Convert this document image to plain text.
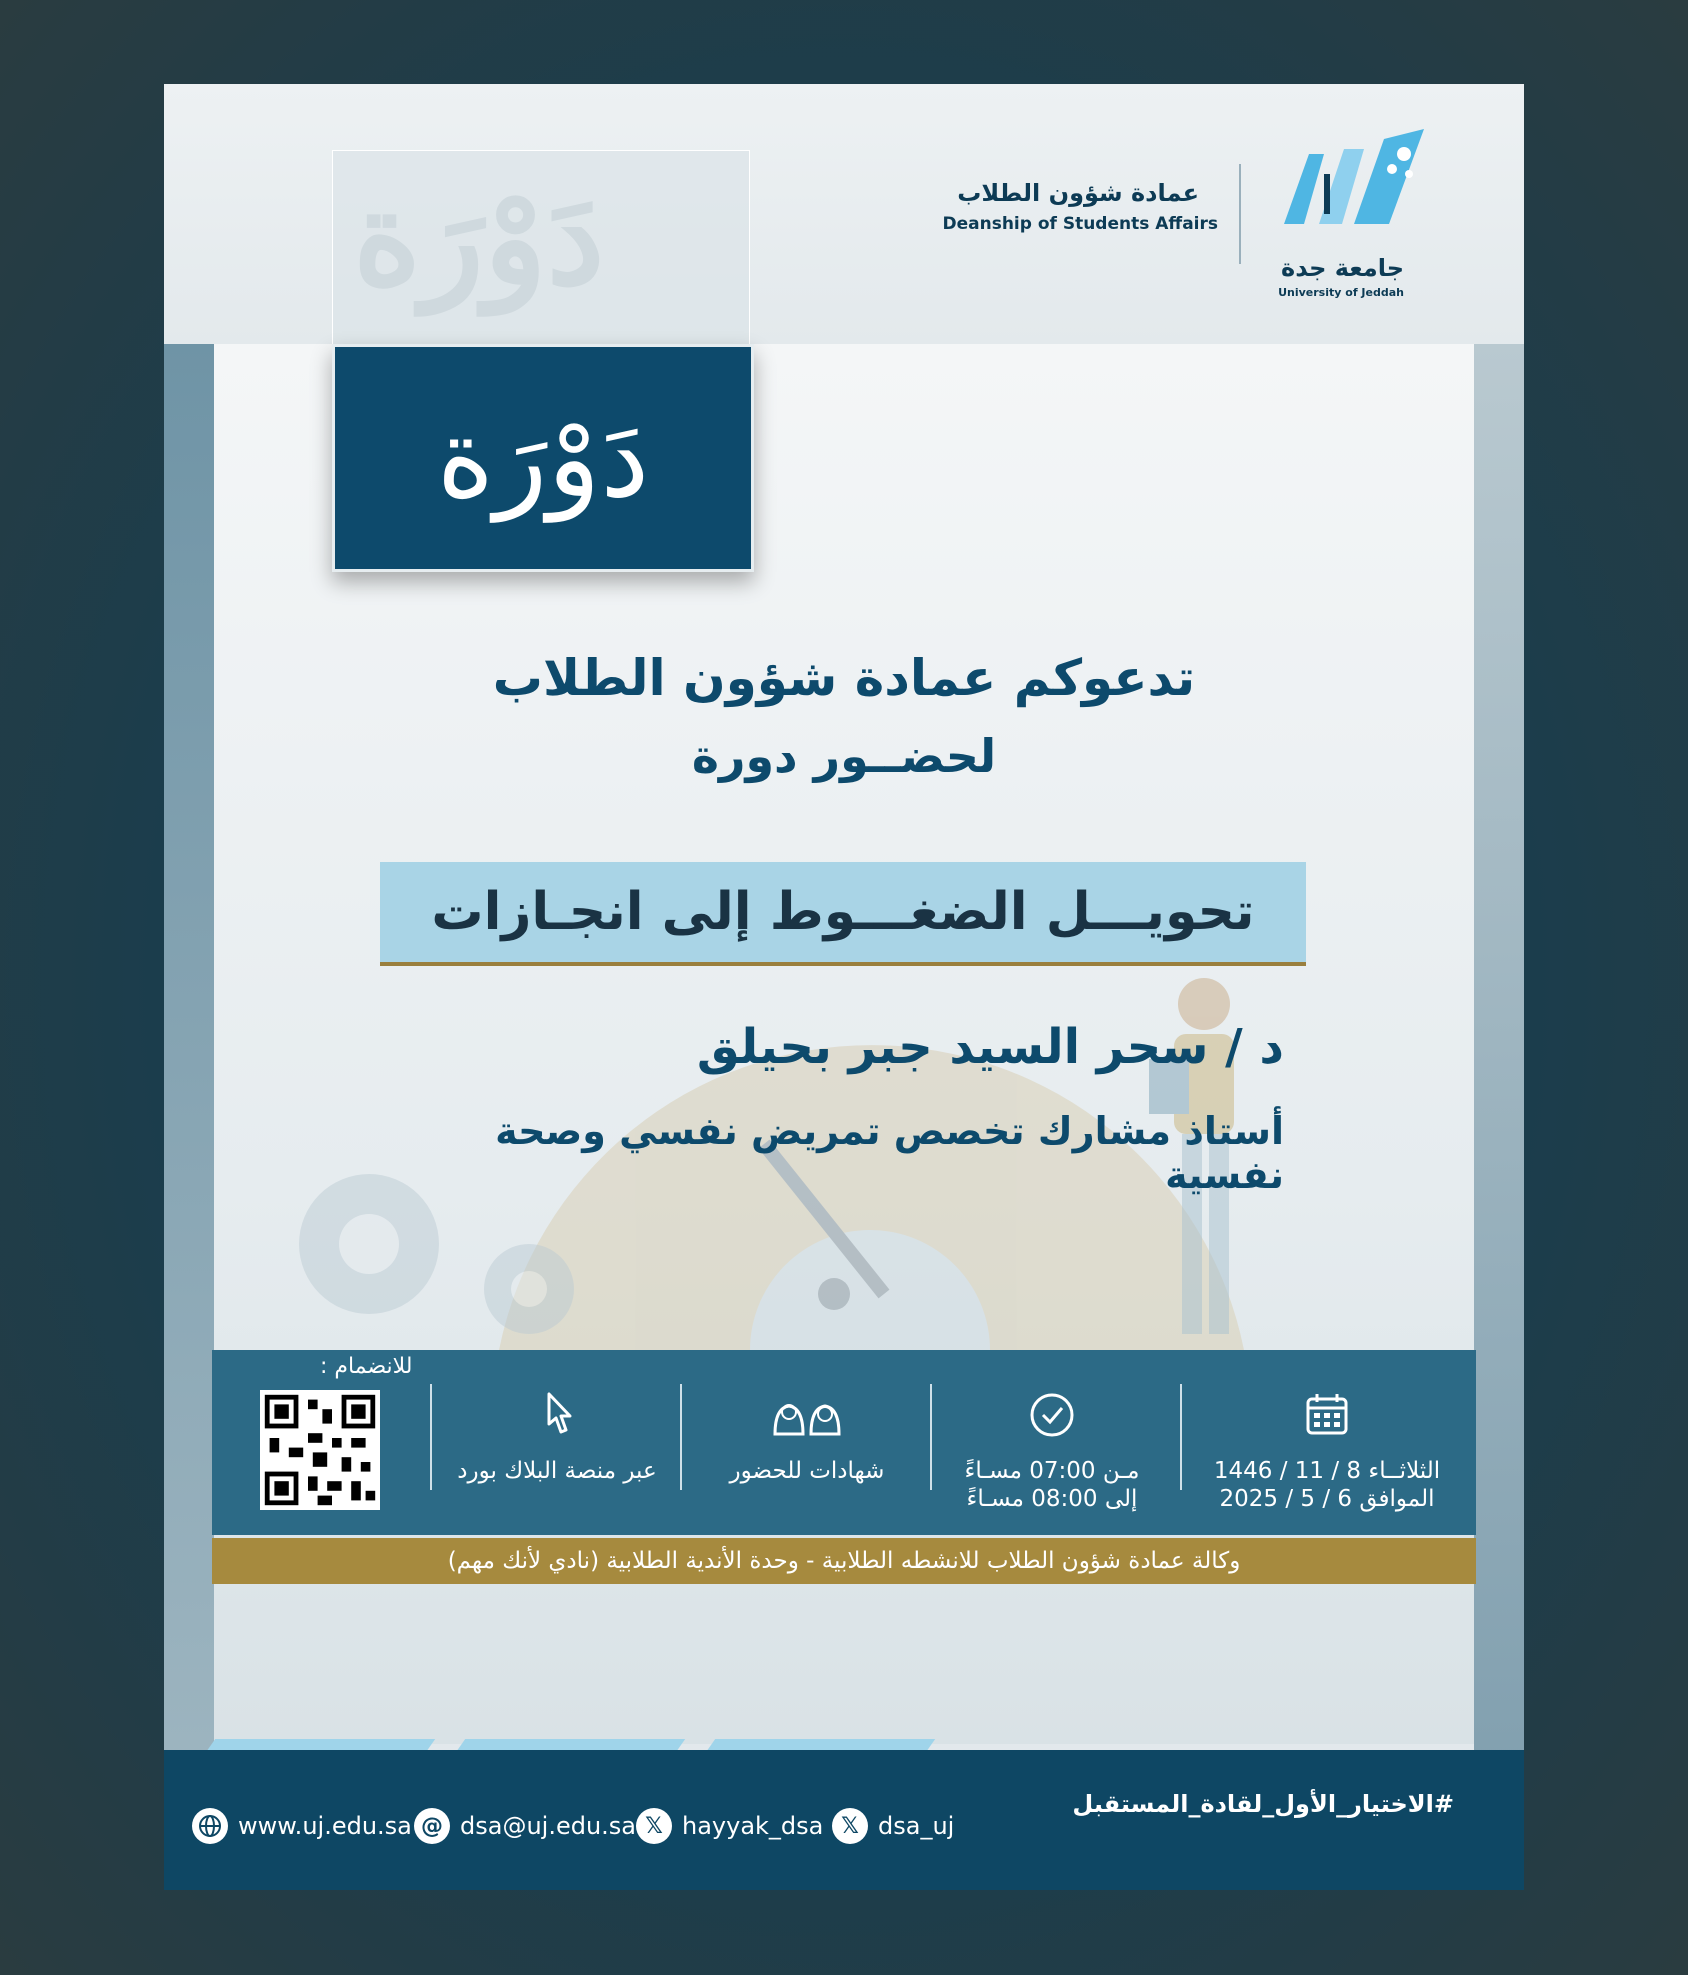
جامعة جدة
University of Jeddah
عمادة شؤون الطلاب
Deanship of Students Affairs
دَوْرَة
دَوْرَة
تدعوكم عمادة شؤون الطلاب
لحضــور دورة
تحويـــل الضغـــوط إلى انجـازات
د / سحر السيد جبر بحيلق
أستاذ مشارك تخصص تمريض نفسي وصحة نفسية
الثلاثــاء 8 / 11 / 1446
الموافق 6 / 5 / 2025
مـن 07:00 مسـاءً
إلى 08:00 مسـاءً
شهادات للحضور
عبر منصة البلاك بورد
للانضمام :
وكالة عمادة شؤون الطلاب للانشطه الطلابية - وحدة الأندية الطلابية (نادي لأنك مهم)
www.uj.edu.sa @ dsa@uj.edu.sa 𝕏 hayyak_dsa 𝕏 dsa_uj
#الاختيار_الأول_لقادة_المستقبل
